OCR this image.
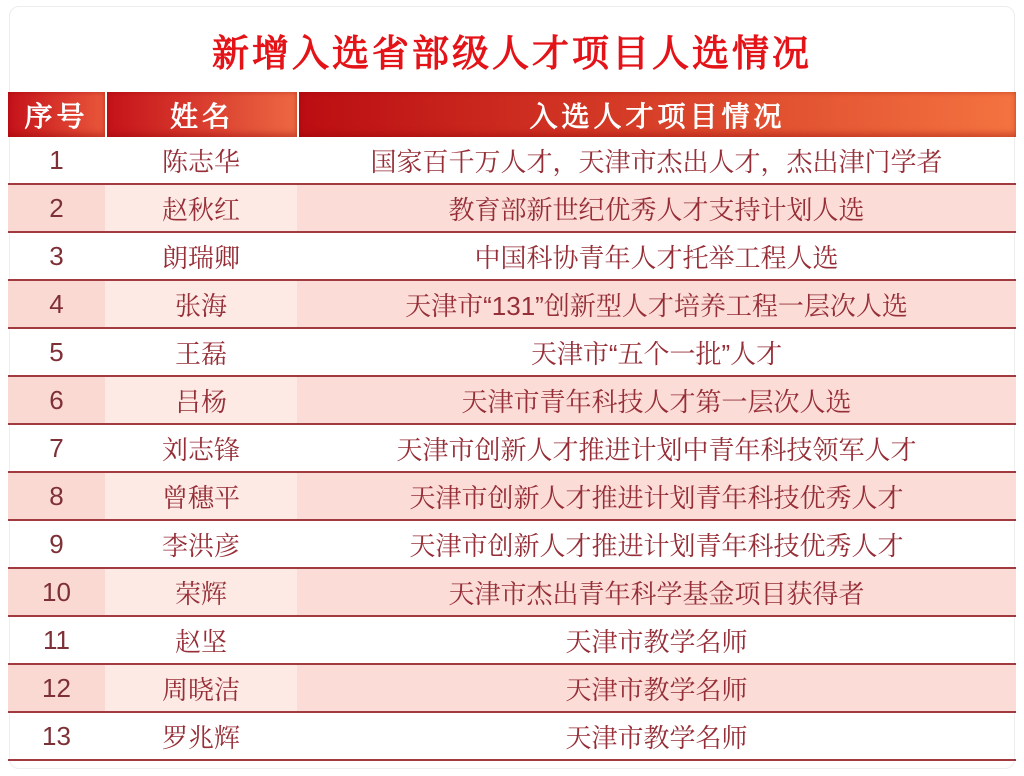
新增入选省部级人才项目人选情况
序号	姓名	入选人才项目情况
1	陈志华	国家百千万人才，天津市杰出人才，杰出津门学者
2	赵秋红	教育部新世纪优秀人才支持计划人选
3	朗瑞卿	中国科协青年人才托举工程人选
4	张海	天津市“131”创新型人才培养工程一层次人选
5	王磊	天津市“五个一批”人才
6	吕杨	天津市青年科技人才第一层次人选
7	刘志锋	天津市创新人才推进计划中青年科技领军人才
8	曾穗平	天津市创新人才推进计划青年科技优秀人才
9	李洪彦	天津市创新人才推进计划青年科技优秀人才
10	荣辉	天津市杰出青年科学基金项目获得者
11	赵坚	天津市教学名师
12	周晓洁	天津市教学名师
13	罗兆辉	天津市教学名师
